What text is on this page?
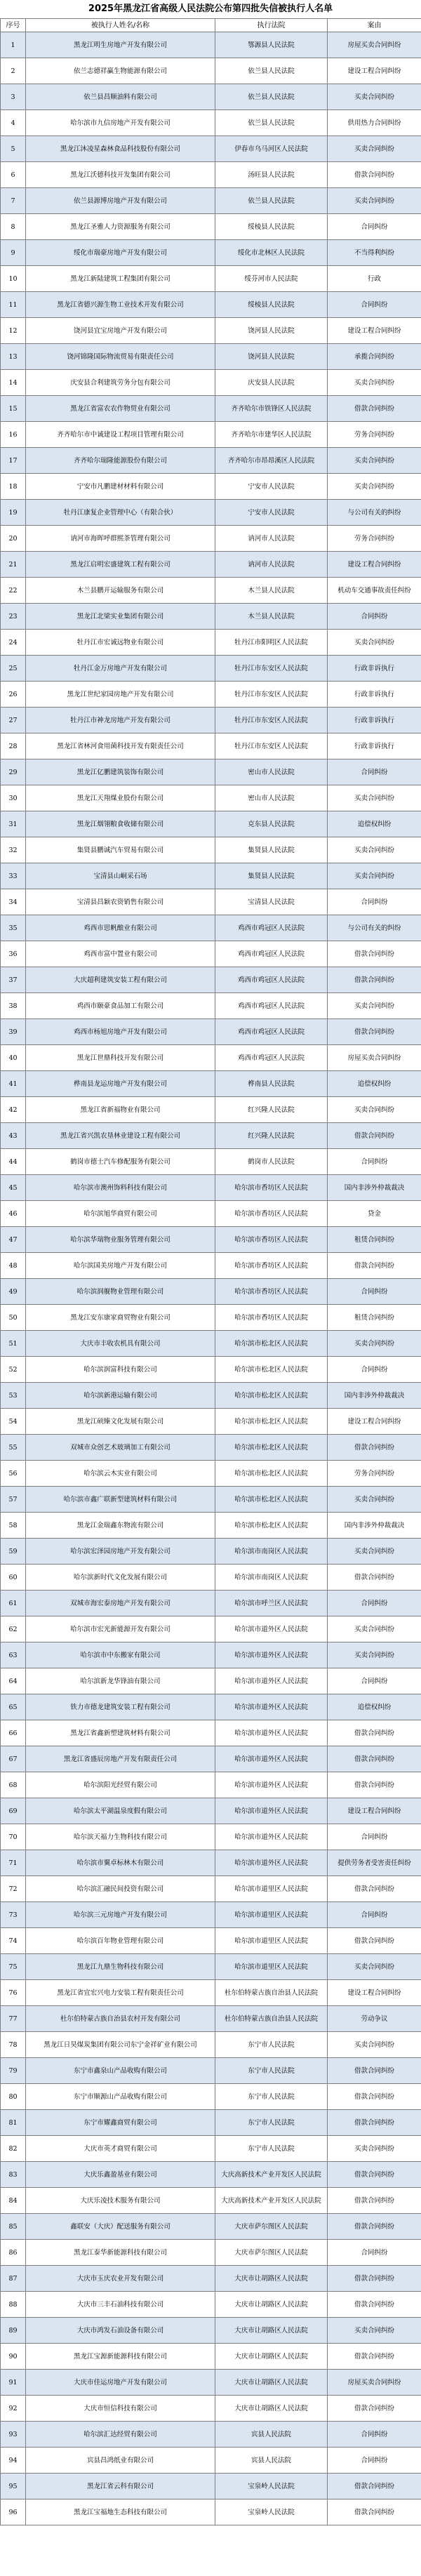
2025年黑龙江省高级人民法院公布第四批失信被执行人名单
序号	被执行人姓名/名称	执行法院	案由
1	黑龙江明生房地产开发有限公司	鄂源县人民法院	房屋买卖合同纠纷
2	依兰志德祥赢生物能源有限公司	依兰县人民法院	建设工程合同纠纷
3	依兰县昌顺油料有限公司	依兰县人民法院	买卖合同纠纷
4	哈尔滨市九信房地产开发有限公司	依兰县人民法院	供用热力合同纠纷
5	黑龙江沐凌星森林食品科技股份有限公司	伊春市乌马河区人民法院	买卖合同纠纷
6	黑龙江沃德科技开发集团有限公司	汤旺县人民法院	借款合同纠纷
7	依兰县源博房地产开发有限公司	依兰县人民法院	买卖合同纠纷
8	黑龙江圣雅人力资源服务有限公司	绥棱县人民法院	合同纠纷
9	绥化市瑞豪房地产开发有限公司	绥化市北林区人民法院	不当得利纠纷
10	黑龙江新陆建筑工程集团有限公司	绥芬河市人民法院	行政
11	黑龙江省德兴源生物工业技术开发有限公司	绥棱县人民法院	合同纠纷
12	饶河县宜宝房地产开发有限公司	饶河县人民法院	建设工程合同纠纷
13	饶河锦隆国际物流贸易有限责任公司	饶河县人民法院	承揽合同纠纷
14	庆安县合利建筑劳务分包有限公司	庆安县人民法院	买卖合同纠纷
15	黑龙江省富农农作物贸业有限公司	齐齐哈尔市铁锋区人民法院	借款合同纠纷
16	齐齐哈尔市中诚建设工程项目管理有限公司	齐齐哈尔市建华区人民法院	劳务合同纠纷
17	齐齐哈尔瑞隆能源股份有限公司	齐齐哈尔市昂昂溪区人民法院	买卖合同纠纷
18	宁安市凡鹏建材材料有限公司	宁安市人民法院	买卖合同纠纷
19	牡丹江康复企业管理中心（有限合伙）	宁安市人民法院	与公司有关的纠纷
20	讷河市海晖呼群熙茶管理有限公司	讷河市人民法院	劳务合同纠纷
21	黑龙江启明宏盛建筑工程有限公司	讷河市人民法院	建设工程合同纠纷
22	木兰县鹏开运输服务有限公司	木兰县人民法院	机动车交通事故责任纠纷
23	黑龙江北梁实业集团有限公司	木兰县人民法院	合同纠纷
24	牡丹江市宏诚远物业有限公司	牡丹江市阳明区人民法院	买卖合同纠纷
25	牡丹江金万房地产开发有限公司	牡丹江市东安区人民法院	行政非诉执行
26	黑龙江世纪家园房地产开发有限公司	牡丹江市东安区人民法院	行政非诉执行
27	牡丹江市神龙房地产开发有限公司	牡丹江市东安区人民法院	行政非诉执行
28	黑龙江省林河食用菌科技开发有限责任公司	牡丹江市东安区人民法院	行政非诉执行
29	黑龙江亿鹏建筑装饰有限公司	密山市人民法院	合同纠纷
30	黑龙江天翔煤业股份有限公司	密山市人民法院	买卖合同纠纷
31	黑龙江烟翎粮食收储有限公司	克东县人民法院	追偿权纠纷
32	集贤县鹏诚汽车贸易有限公司	集贤县人民法院	买卖合同纠纷
33	宝清县山峒采石场	集贤县人民法院	买卖合同纠纷
34	宝清县昌颖农资销售有限公司	宝清县人民法院	合同纠纷
35	鸡西市思帆酿业有限公司	鸡西市鸡冠区人民法院	与公司有关的纠纷
36	鸡西市富中置业有限公司	鸡西市鸡冠区人民法院	借款合同纠纷
37	大庆超利建筑安装工程有限公司	鸡西市鸡冠区人民法院	借款合同纠纷
38	鸡西市颐豪食品加工有限公司	鸡西市鸡冠区人民法院	买卖合同纠纷
39	鸡西市杨旭房地产开发有限公司	鸡西市鸡冠区人民法院	借款合同纠纷
40	黑龙江世鼎科技开发有限公司	鸡西市鸡冠区人民法院	房屋买卖合同纠纷
41	桦南县龙运房地产开发有限公司	桦南县人民法院	追偿权纠纷
42	黑龙江省新福物业有限公司	红兴隆人民法院	买卖合同纠纷
43	黑龙江省兴凯农垦林业建设工程有限公司	红兴隆人民法院	借款合同纠纷
44	鹤岗市德士汽车修配服务有限公司	鹤岗市人民法院	合同纠纷
45	哈尔滨市澳州饰料科技有限公司	哈尔滨市香坊区人民法院	国内非涉外仲裁裁决
46	哈尔滨旭华商贸有限公司	哈尔滨市香坊区人民法院	贷金
47	哈尔滨华瑞物业服务管理有限公司	哈尔滨市香坊区人民法院	租赁合同纠纷
48	哈尔滨国美房地产开发有限公司	哈尔滨市香坊区人民法院	借款合同纠纷
49	哈尔滨润舰物业管理有限公司	哈尔滨市香坊区人民法院	合同纠纷
50	黑龙江安东康家商贸物业有限公司	哈尔滨市香坊区人民法院	租赁合同纠纷
51	大庆市丰收农机具有限公司	哈尔滨市松北区人民法院	买卖合同纠纷
52	哈尔滨润富科技有限公司	哈尔滨市松北区人民法院	合同纠纷
53	哈尔滨新港运输有限公司	哈尔滨市松北区人民法院	国内非涉外仲裁裁决
54	黑龙江硕臻文化发展有限公司	哈尔滨市松北区人民法院	建设工程合同纠纷
55	双城市众创艺术玻璃加工有限公司	哈尔滨市松北区人民法院	借款合同纠纷
56	哈尔滨云木实业有限公司	哈尔滨市松北区人民法院	劳务合同纠纷
57	哈尔滨市鑫广联新型建筑材料有限公司	哈尔滨市松北区人民法院	买卖合同纠纷
58	黑龙江金瑞鑫东物流有限公司	哈尔滨市松北区人民法院	国内非涉外仲裁裁决
59	哈尔滨宏泽园房地产开发有限公司	哈尔滨市南岗区人民法院	买卖合同纠纷
60	哈尔滨新时代文化发展有限公司	哈尔滨市南岗区人民法院	借款合同纠纷
61	双城市海宏泰房地产开发有限公司	哈尔滨市呼兰区人民法院	合同纠纷
62	哈尔滨市宏光新能源开发有限公司	哈尔滨市道外区人民法院	买卖合同纠纷
63	哈尔滨市中东搬家有限公司	哈尔滨市道外区人民法院	买卖合同纠纷
64	哈尔滨新龙华锋油有限公司	哈尔滨市道外区人民法院	合同纠纷
65	铁力市德龙建筑安装工程有限公司	哈尔滨市道外区人民法院	追偿权纠纷
66	黑龙江省鑫新塑建筑材料有限公司	哈尔滨市道外区人民法院	借款合同纠纷
67	黑龙江省盛辰房地产开发有限责任公司	哈尔滨市道外区人民法院	借款合同纠纷
68	哈尔滨阳光经贸有限公司	哈尔滨市道外区人民法院	借款合同纠纷
69	哈尔滨太平湖温泉度假有限公司	哈尔滨市道外区人民法院	建设工程合同纠纷
70	哈尔滨天福力生物科技有限公司	哈尔滨市道外区人民法院	合同纠纷
71	哈尔滨市翼卓标林木有限公司	哈尔滨市道外区人民法院	提供劳务者受害责任纠纷
72	哈尔滨汇融民间投资有限公司	哈尔滨市道里区人民法院	借款合同纠纷
73	哈尔滨三元房地产开发有限公司	哈尔滨市道里区人民法院	合同纠纷
74	哈尔滨百年物业管理有限公司	哈尔滨市道里区人民法院	借款合同纠纷
75	黑龙江九鼎生物科技有限公司	哈尔滨市道里区人民法院	买卖合同纠纷
76	黑龙江省宜宏兴电力安装工程有限责任公司	杜尔伯特蒙古族自治县人民法院	建设工程合同纠纷
77	杜尔伯特蒙古族自治县农村开发有限公司	杜尔伯特蒙古族自治县人民法院	劳动争议
78	黑龙江日昊煤炭集团有限公司东宁金祥矿业有限公司	东宁市人民法院	买卖合同纠纷
79	东宁市鑫泉山产品收购有限公司	东宁市人民法院	借款合同纠纷
80	东宁市顺源山产品收购有限公司	东宁市人民法院	借款合同纠纷
81	东宁市耀鑫商贸有限公司	东宁市人民法院	借款合同纠纷
82	大庆市英才商贸有限公司	东宁市人民法院	买卖合同纠纷
83	大庆乐鑫盈基业有限公司	大庆高新技术产业开发区人民法院	借款合同纠纷
84	大庆乐凌技术服务有限公司	大庆高新技术产业开发区人民法院	借款合同纠纷
85	鑫联安（大庆）配送服务有限公司	大庆市萨尔图区人民法院	借款合同纠纷
86	黑龙江泰华新能源科技有限公司	大庆市萨尔图区人民法院	合同纠纷
87	大庆市玉庆农业开发有限公司	大庆市让胡路区人民法院	借款合同纠纷
88	大庆市三丰石油科技有限公司	大庆市让胡路区人民法院	借款合同纠纷
89	大庆市鸿发石油设备有限公司	大庆市让胡路区人民法院	买卖合同纠纷
90	黑龙江宝源新能源科技有限公司	大庆市让胡路区人民法院	借款合同纠纷
91	大庆市佳运房地产开发有限公司	大庆市让胡路区人民法院	房屋买卖合同纠纷
92	大庆市恒信科技有限公司	大庆市让胡路区人民法院	借款合同纠纷
93	哈尔滨汇达经贸有限公司	宾县人民法院	合同纠纷
94	宾县昌鸿纸业有限公司	宾县人民法院	合同纠纷
95	黑龙江省云科有限公司	宝泉岭人民法院	借款合同纠纷
96	黑龙江宝福地生态科技有限公司	宝泉岭人民法院	借款合同纠纷
